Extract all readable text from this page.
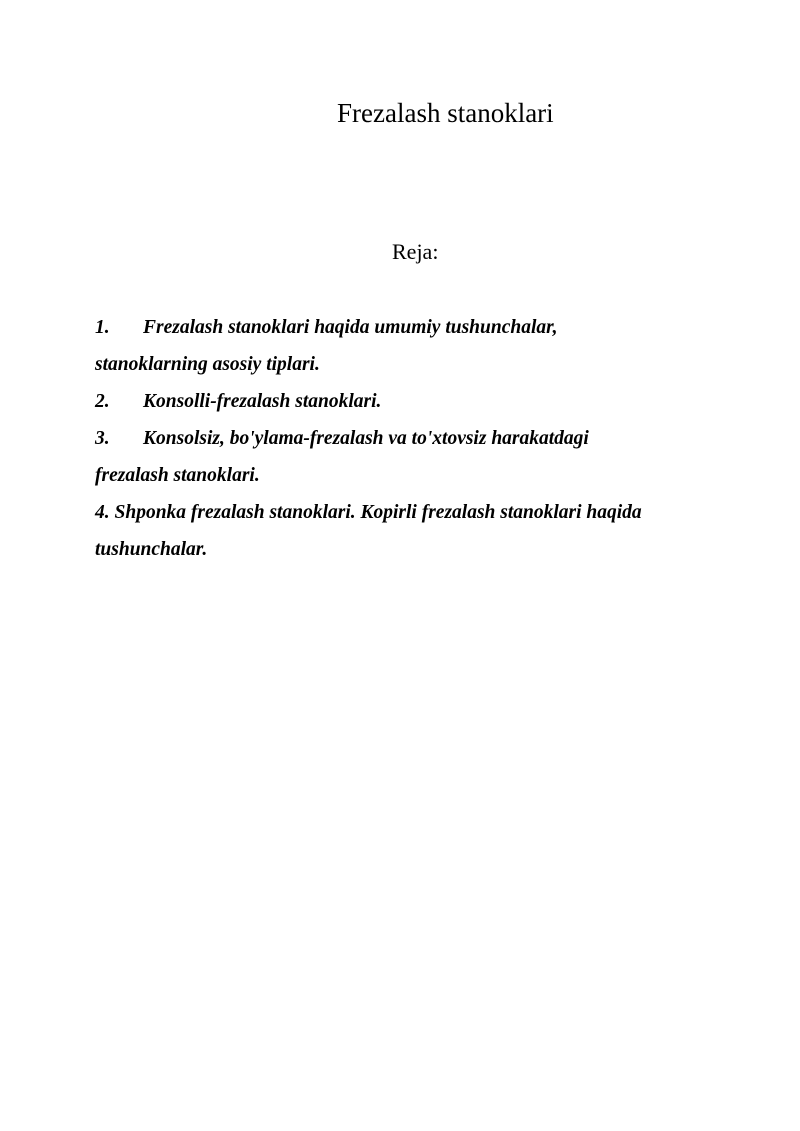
Frezalash stanoklari
Reja:
1. Frezalash stanoklari haqida umumiy tushunchalar,
stanoklarning asosiy tiplari.
2. Konsolli-frezalash stanoklari.
3. Konsolsiz, bo'ylama-frezalash va to'xtovsiz harakatdagi
frezalash stanoklari.
4. Shponka frezalash stanoklari. Kopirli frezalash stanoklari haqida
tushunchalar.
